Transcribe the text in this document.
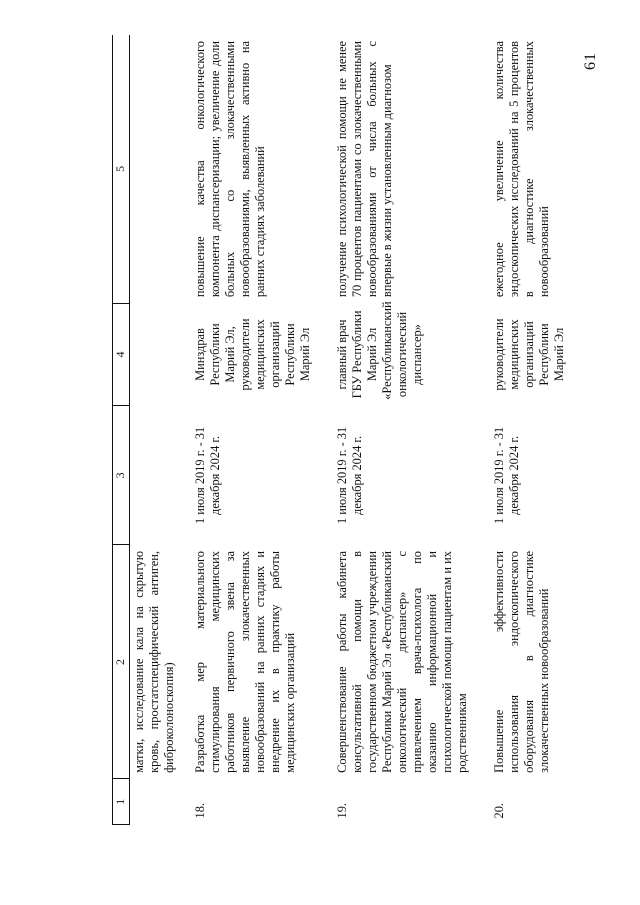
61
1	2	3	4	5
	матки, исследование кала на скрытую кровь, простатспецифический антиген, фиброколоноскопия)			
18.	Разработка мер материального стимулирования медицинских работников первичного звена за выявление злокачественных новообразований на ранних стадиях и внедрение их в практику работы медицинских организаций	1 июля 2019 г. - 31 декабря 2024 г.	Минздрав Республики Марий Эл, руководители медицинских организаций Республики Марий Эл	повышение качества онкологического компонента диспансеризации; увеличение доли больных со злокачественными новообразованиями, выявленных активно на ранних стадиях заболеваний
19.	Совершенствование работы кабинета консультативной помощи в государственном бюджетном учреждении Республики Марий Эл «Республиканский онкологический диспансер» с привлечением врача-психолога по оказанию информационной и психологической помощи пациентам и их родственникам	1 июля 2019 г. - 31 декабря 2024 г.	главный врач ГБУ Республики Марий Эл «Республиканский онкологический диспансер»	получение психологической помощи не менее 70 процентов пациентами со злокачественными новообразованиями от числа больных с впервые в жизни установленным диагнозом
20.	Повышение эффективности использования эндоскопического оборудования в диагностике злокачественных новообразований	1 июля 2019 г. - 31 декабря 2024 г.	руководители медицинских организаций Республики Марий Эл	ежегодное увеличение количества эндоскопических исследований на 5 процентов в диагностике злокачественных новообразований
